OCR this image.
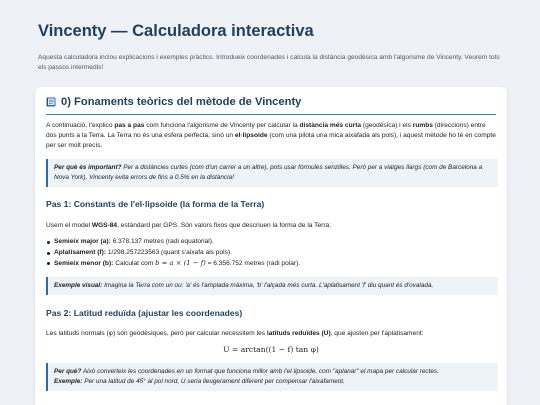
Vincenty — Calculadora interactiva

Aquesta calculadora inclou explicacions i exemples pràctics. Introdueix coordenades i calcula la distància geodèsica amb l'algorisme de Vincenty. Veurem tots els passos intermedis!

0) Fonaments teòrics del mètode de Vincenty

A continuació, t'explico pas a pas com funciona l'algorisme de Vincenty per calcular la distància més curta (geodèsica) i els rumbs (direccions) entre dos punts a la Terra. La Terra no és una esfera perfecta, sinó un el·lipsoide (com una pilota una mica aixafada als pols), i aquest mètode ho té en compte per ser molt precís.

Per què és important? Per a distàncies curtes (com d'un carrer a un altre), pots usar fórmules senzilles. Però per a viatges llargs (com de Barcelona a Nova York), Vincenty evita errors de fins a 0.5% en la distància!
Pas 1: Constants de l'el·lipsoide (la forma de la Terra)

Usem el model WGS-84, estàndard per GPS. Són valors fixos que descriuen la forma de la Terra:

Semieix major (a): 6.378.137 metres (radi equatorial).
Aplatisament (f): 1/298.257223563 (quant s'aixafa als pols).
Semieix menor (b): Calculat com b = a × (1 − f) = 6.356.752 metres (radi polar).
Exemple visual: Imagina la Terra com un ou: 'a' és l'amplada màxima, 'b' l'alçada més curta. L'aplatisament 'f' diu quant és d'ovalada.
Pas 2: Latitud reduïda (ajustar les coordenades)

Les latituds normals (φ) són geodèsiques, però per calcular necessitem les latituds reduïdes (U), que ajusten per l'aplatisament:

U = arctan((1 − f) tan φ)
Per què? Això converteix les coordenades en un format que funciona millor amb l'el·lipsoide, com "aplanar" el mapa per calcular rectes.
Exemple: Per una latitud de 45° al pol nord, U seria lleugerament diferent per compensar l'aixafament.
